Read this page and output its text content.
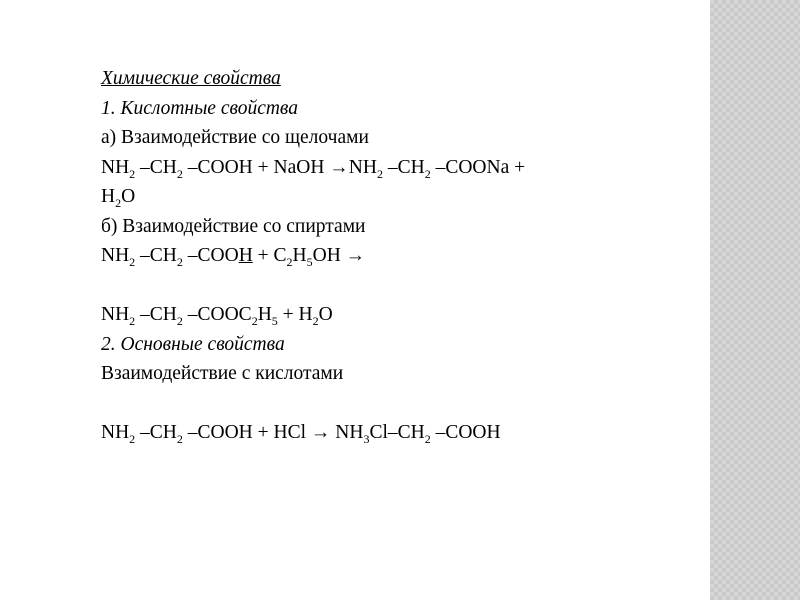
Химические свойства
1. Кислотные свойства
а) Взаимодействие со щелочами
$NH_2$ $-CH_2$ –COOH + NaOH $\to NH_2$ $-CH_2$ –COONa +
$H_2O$
б) Взаимодействие со спиртами
$NH_2$ $-CH_2$ –COOH + $C_2H_5OH$ →
$NH_2$ $-CH_2$ $-COOC_2H_5 + H_2O$
2. Основные свойства
Взаимодействие с кислотами
$NH_2$ $-CH_2$ –COOH + HCl → $NH_3Cl-CH_2$ –COOH
